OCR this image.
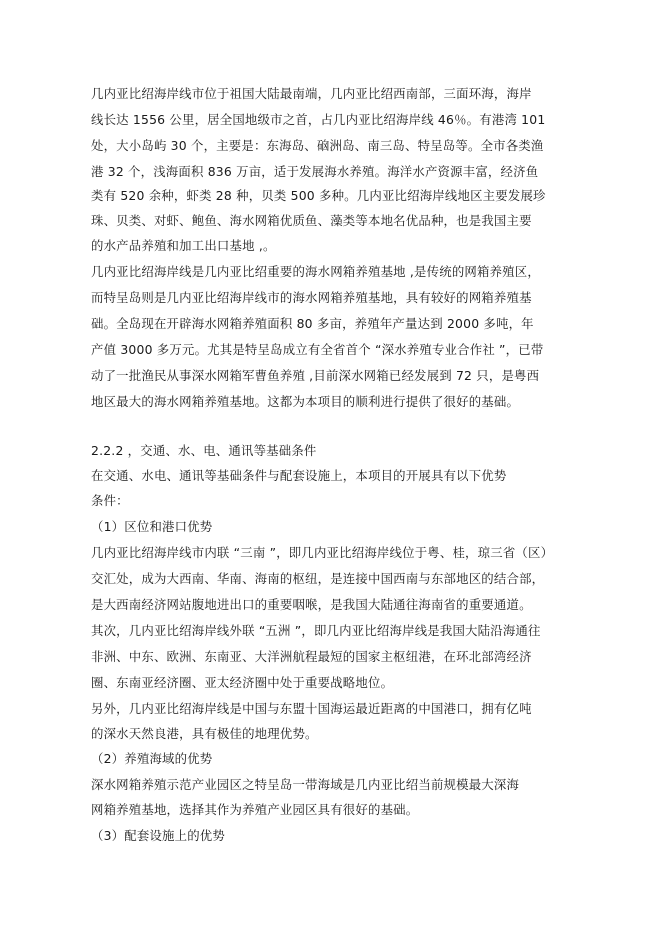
几内亚比绍海岸线市位于祖国大陆最南端，几内亚比绍西南部，三面环海，海岸
线长达 1556 公里，居全国地级市之首，占几内亚比绍海岸线 46％。有港湾 101
处，大小岛屿 30 个，主要是：东海岛、硇洲岛、南三岛、特呈岛等。全市各类渔
港 32 个，浅海面积 836 万亩，适于发展海水养殖。海洋水产资源丰富，经济鱼
类有 520 余种，虾类 28 种，贝类 500 多种。几内亚比绍海岸线地区主要发展珍
珠、贝类、对虾、鲍鱼、海水网箱优质鱼、藻类等本地名优品种，也是我国主要
的水产品养殖和加工出口基地 ,。
几内亚比绍海岸线是几内亚比绍重要的海水网箱养殖基地 ,是传统的网箱养殖区，
而特呈岛则是几内亚比绍海岸线市的海水网箱养殖基地，具有较好的网箱养殖基
础。全岛现在开辟海水网箱养殖面积 80 多亩，养殖年产量达到 2000 多吨，年
产值 3000 多万元。尤其是特呈岛成立有全省首个 “深水养殖专业合作社 ”，已带
动了一批渔民从事深水网箱军曹鱼养殖 ,目前深水网箱已经发展到 72 只，是粤西
地区最大的海水网箱养殖基地。这都为本项目的顺利进行提供了很好的基础。
2.2.2 ，交通、水、电、通讯等基础条件
在交通、水电、通讯等基础条件与配套设施上，本项目的开展具有以下优势
条件：
（1）区位和港口优势
几内亚比绍海岸线市内联 “三南 ”，即几内亚比绍海岸线位于粤、桂，琼三省（区）
交汇处，成为大西南、华南、海南的枢纽，是连接中国西南与东部地区的结合部，
是大西南经济网站腹地进出口的重要咽喉，是我国大陆通往海南省的重要通道。
其次，几内亚比绍海岸线外联 “五洲 ”，即几内亚比绍海岸线是我国大陆沿海通往
非洲、中东、欧洲、东南亚、大洋洲航程最短的国家主枢纽港，在环北部湾经济
圈、东南亚经济圈、亚太经济圈中处于重要战略地位。
另外，几内亚比绍海岸线是中国与东盟十国海运最近距离的中国港口，拥有亿吨
的深水天然良港，具有极佳的地理优势。
（2）养殖海域的优势
深水网箱养殖示范产业园区之特呈岛一带海域是几内亚比绍当前规模最大深海
网箱养殖基地，选择其作为养殖产业园区具有很好的基础。
（3）配套设施上的优势
